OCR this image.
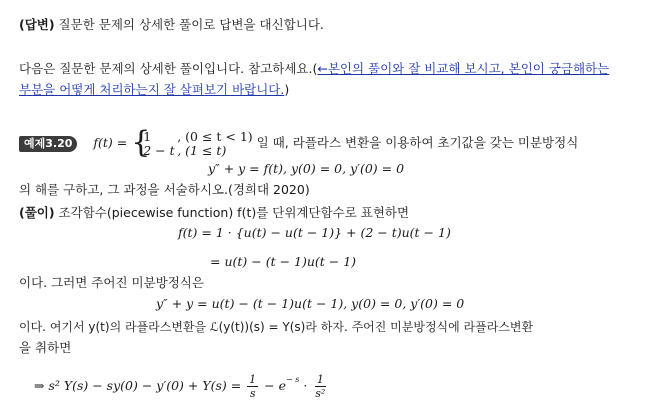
(답변) 질문한 문제의 상세한 풀이로 답변을 대신합니다.
다음은 질문한 문제의 상세한 풀이입니다. 참고하세요.(←본인의 풀이와 잘 비교해 보시고, 본인이 궁금해하는
부분을 어떻게 처리하는지 잘 살펴보기 바랍니다.)
예제3.20 f(t) =
{ 1 , (0 ≤ t < 1)
2 − t , (1 ≤ t)	일 때, 라플라스 변환을 이용하여 초기값을 갖는 미분방정식
y″ + y = f(t), y(0) = 0, y′(0) = 0
의 해를 구하고, 그 과정을 서술하시오.(경희대 2020)
(풀이) 조각함수(piecewise function) f(t)를 단위계단함수로 표현하면
f(t) = 1 · {u(t) − u(t − 1)} + (2 − t)u(t − 1)
= u(t) − (t − 1)u(t − 1)
이다. 그러면 주어진 미분방정식은
y″ + y = u(t) − (t − 1)u(t − 1), y(0) = 0, y′(0) = 0
이다. 여기서 y(t)의 라플라스변환을 ℒ(y(t))(s) = Y(s)라 하자. 주어진 미분방정식에 라플라스변환
을 취하면
⇒ s² $Y(s) - sy(0) - y'(0) + Y(s) = \frac{1}{s} - e^{- s} \cdot \frac{1}{\text{s²}}$
